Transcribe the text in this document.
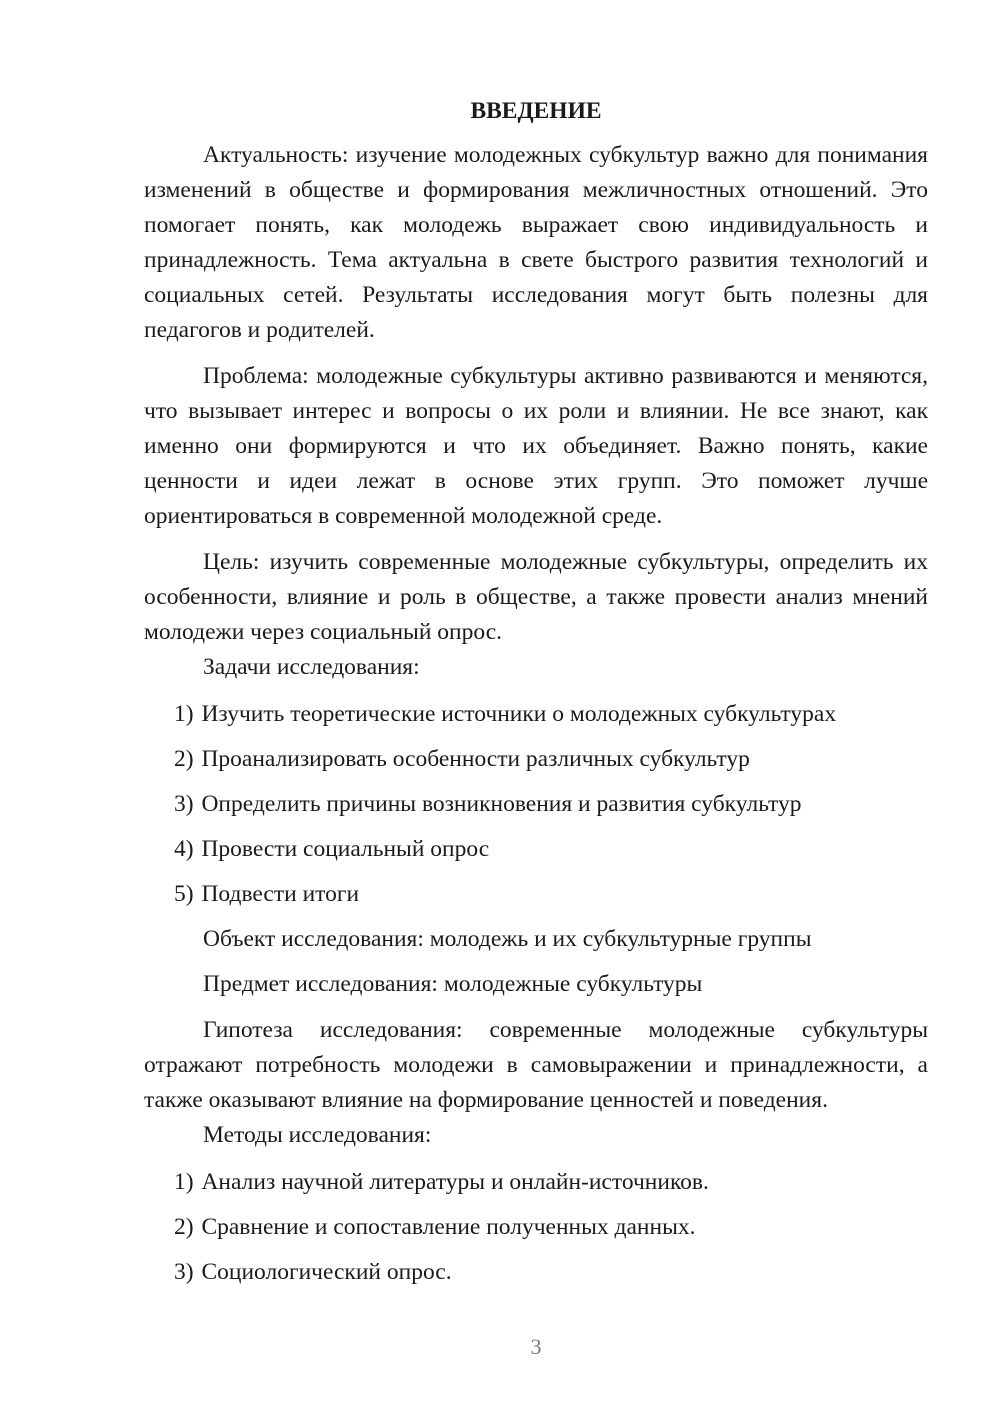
ВВЕДЕНИЕ

Актуальность: изучение молодежных субкультур важно для понимания изменений в обществе и формирования межличностных отношений. Это помогает понять, как молодежь выражает свою индивидуальность и принадлежность. Тема актуальна в свете быстрого развития технологий и социальных сетей. Результаты исследования могут быть полезны для педагогов и родителей.

Проблема: молодежные субкультуры активно развиваются и меняются, что вызывает интерес и вопросы о их роли и влиянии. Не все знают, как именно они формируются и что их объединяет. Важно понять, какие ценности и идеи лежат в основе этих групп. Это поможет лучше ориентироваться в современной молодежной среде.

Цель: изучить современные молодежные субкультуры, определить их особенности, влияние и роль в обществе, а также провести анализ мнений молодежи через социальный опрос.

Задачи исследования:

1) Изучить теоретические источники о молодежных субкультурах
2) Проанализировать особенности различных субкультур
3) Определить причины возникновения и развития субкультур
4) Провести социальный опрос
5) Подвести итоги

Объект исследования: молодежь и их субкультурные группы

Предмет исследования: молодежные субкультуры

Гипотеза исследования: современные молодежные субкультуры отражают потребность молодежи в самовыражении и принадлежности, а также оказывают влияние на формирование ценностей и поведения.

Методы исследования:

1) Анализ научной литературы и онлайн-источников.
2) Сравнение и сопоставление полученных данных.
3) Социологический опрос.
3
